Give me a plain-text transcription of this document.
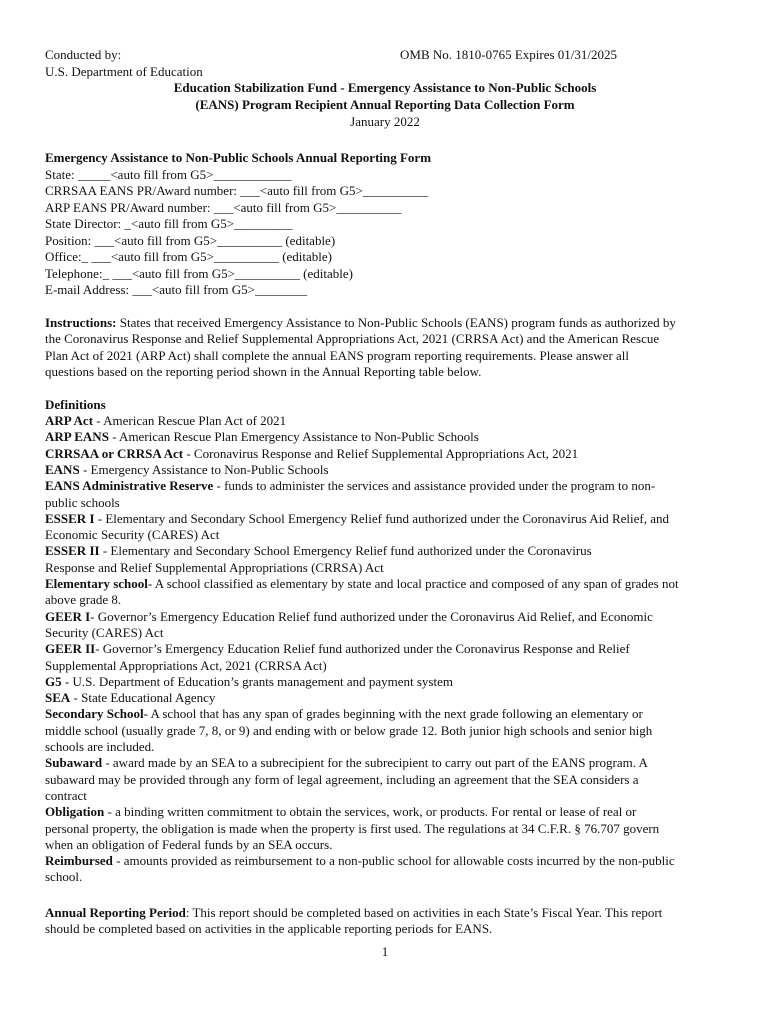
Conducted by:	OMB No. 1810-0765 Expires 01/31/2025
U.S. Department of Education
Education Stabilization Fund - Emergency Assistance to Non-Public Schools
(EANS) Program Recipient Annual Reporting Data Collection Form
January 2022
Emergency Assistance to Non-Public Schools Annual Reporting Form
State: _____<auto fill from G5>____________
CRRSAA EANS PR/Award number: ___<auto fill from G5>__________
ARP EANS PR/Award number: ___<auto fill from G5>__________
State Director: _<auto fill from G5>_________
Position: ___<auto fill from G5>__________ (editable)
Office:_ ___<auto fill from G5>__________ (editable)
Telephone:_ ___<auto fill from G5>__________ (editable)
E-mail Address: ___<auto fill from G5>________
Instructions: States that received Emergency Assistance to Non-Public Schools (EANS) program funds as authorized by
the Coronavirus Response and Relief Supplemental Appropriations Act, 2021 (CRRSA Act) and the American Rescue
Plan Act of 2021 (ARP Act) shall complete the annual EANS program reporting requirements. Please answer all
questions based on the reporting period shown in the Annual Reporting table below.
Definitions
ARP Act - American Rescue Plan Act of 2021
ARP EANS - American Rescue Plan Emergency Assistance to Non-Public Schools
CRRSAA or CRRSA Act - Coronavirus Response and Relief Supplemental Appropriations Act, 2021
EANS - Emergency Assistance to Non-Public Schools
EANS Administrative Reserve - funds to administer the services and assistance provided under the program to non-
public schools
ESSER I - Elementary and Secondary School Emergency Relief fund authorized under the Coronavirus Aid Relief, and
Economic Security (CARES) Act
ESSER II - Elementary and Secondary School Emergency Relief fund authorized under the Coronavirus
Response and Relief Supplemental Appropriations (CRRSA) Act
Elementary school- A school classified as elementary by state and local practice and composed of any span of grades not
above grade 8.
GEER I- Governor’s Emergency Education Relief fund authorized under the Coronavirus Aid Relief, and Economic
Security (CARES) Act
GEER II- Governor’s Emergency Education Relief fund authorized under the Coronavirus Response and Relief
Supplemental Appropriations Act, 2021 (CRRSA Act)
G5 - U.S. Department of Education’s grants management and payment system
SEA - State Educational Agency
Secondary School- A school that has any span of grades beginning with the next grade following an elementary or
middle school (usually grade 7, 8, or 9) and ending with or below grade 12. Both junior high schools and senior high
schools are included.
Subaward - award made by an SEA to a subrecipient for the subrecipient to carry out part of the EANS program. A
subaward may be provided through any form of legal agreement, including an agreement that the SEA considers a
contract
Obligation - a binding written commitment to obtain the services, work, or products. For rental or lease of real or
personal property, the obligation is made when the property is first used. The regulations at 34 C.F.R. § 76.707 govern
when an obligation of Federal funds by an SEA occurs.
Reimbursed - amounts provided as reimbursement to a non-public school for allowable costs incurred by the non-public
school.
Annual Reporting Period: This report should be completed based on activities in each State’s Fiscal Year. This report
should be completed based on activities in the applicable reporting periods for EANS.
1
